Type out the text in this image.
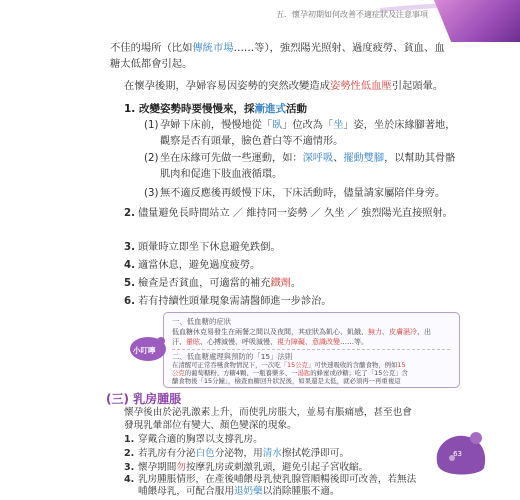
五．懷孕初期如何改善不適症狀及注意事項
不佳的場所（比如傳統市場……等），強烈陽光照射、過度疲勞、貧血、血
糖太低都會引起。
在懷孕後期，孕婦容易因姿勢的突然改變造成姿勢性低血壓引起頭暈。
1. 改變姿勢時要慢慢來，採漸進式活動
(1) 孕婦下床前，慢慢地從「臥」位改為「坐」姿，坐於床緣腳著地，觀察是否有頭暈，臉色蒼白等不適情形。
(2) 坐在床緣可先做一些運動，如：深呼吸、擺動雙腳，以幫助其骨骼肌肉和促進下肢血液循環。
(3) 無不適反應後再緩慢下床，下床活動時，儘量請家屬陪伴身旁。
2. 儘量避免長時間站立 ／ 維持同一姿勢 ／ 久坐 ／ 強烈陽光直接照射。
3. 頭暈時立即坐下休息避免跌倒。
4. 適當休息，避免過度疲勞。
5. 檢查是否貧血，可適當的補充鐵劑。
6. 若有持續性頭暈現象需請醫師進一步診治。
一、低血糖的症狀
低血糖休克易發生在兩餐之間以及夜間，其症狀為飢心、飢餓、無力、皮膚濕冷、出
汗、暈眩、心搏減慢、呼吸減慢、視力障礙、意識改變……等。
二、低血糖處理與預防的「15」法則
在清醒可正常吞嚥食物情況下，一次吃「15公克」可快速吸收的含醣食物，例如15
公克的葡萄糖粉、方糖4顆、一瓶養樂多、一湯匙的蜂蜜或砂糖；吃了「15公克」含
醣食物後「15分鐘」，檢查血糖回升狀況後，如果還是太低，就必須再一再重複這
小叮嚀
(三) 乳房腫脹
懷孕後由於泌乳激素上升，而使乳房脹大，並易有脹痛感，甚至也會
發現乳暈部位有變大、顏色變深的現象。
1. 穿戴合適的胸罩以支撐乳房。
2. 若乳房有分泌白色分泌物，用清水擦拭乾淨即可。
3. 懷孕期間勿按摩乳房或刺激乳頭，避免引起子宮收縮。
4. 乳房腫脹情形，在產後哺餵母乳使乳腺管順暢後即可改善，若無法
哺餵母乳，可配合服用退奶藥以消除腫脹不適。
63
